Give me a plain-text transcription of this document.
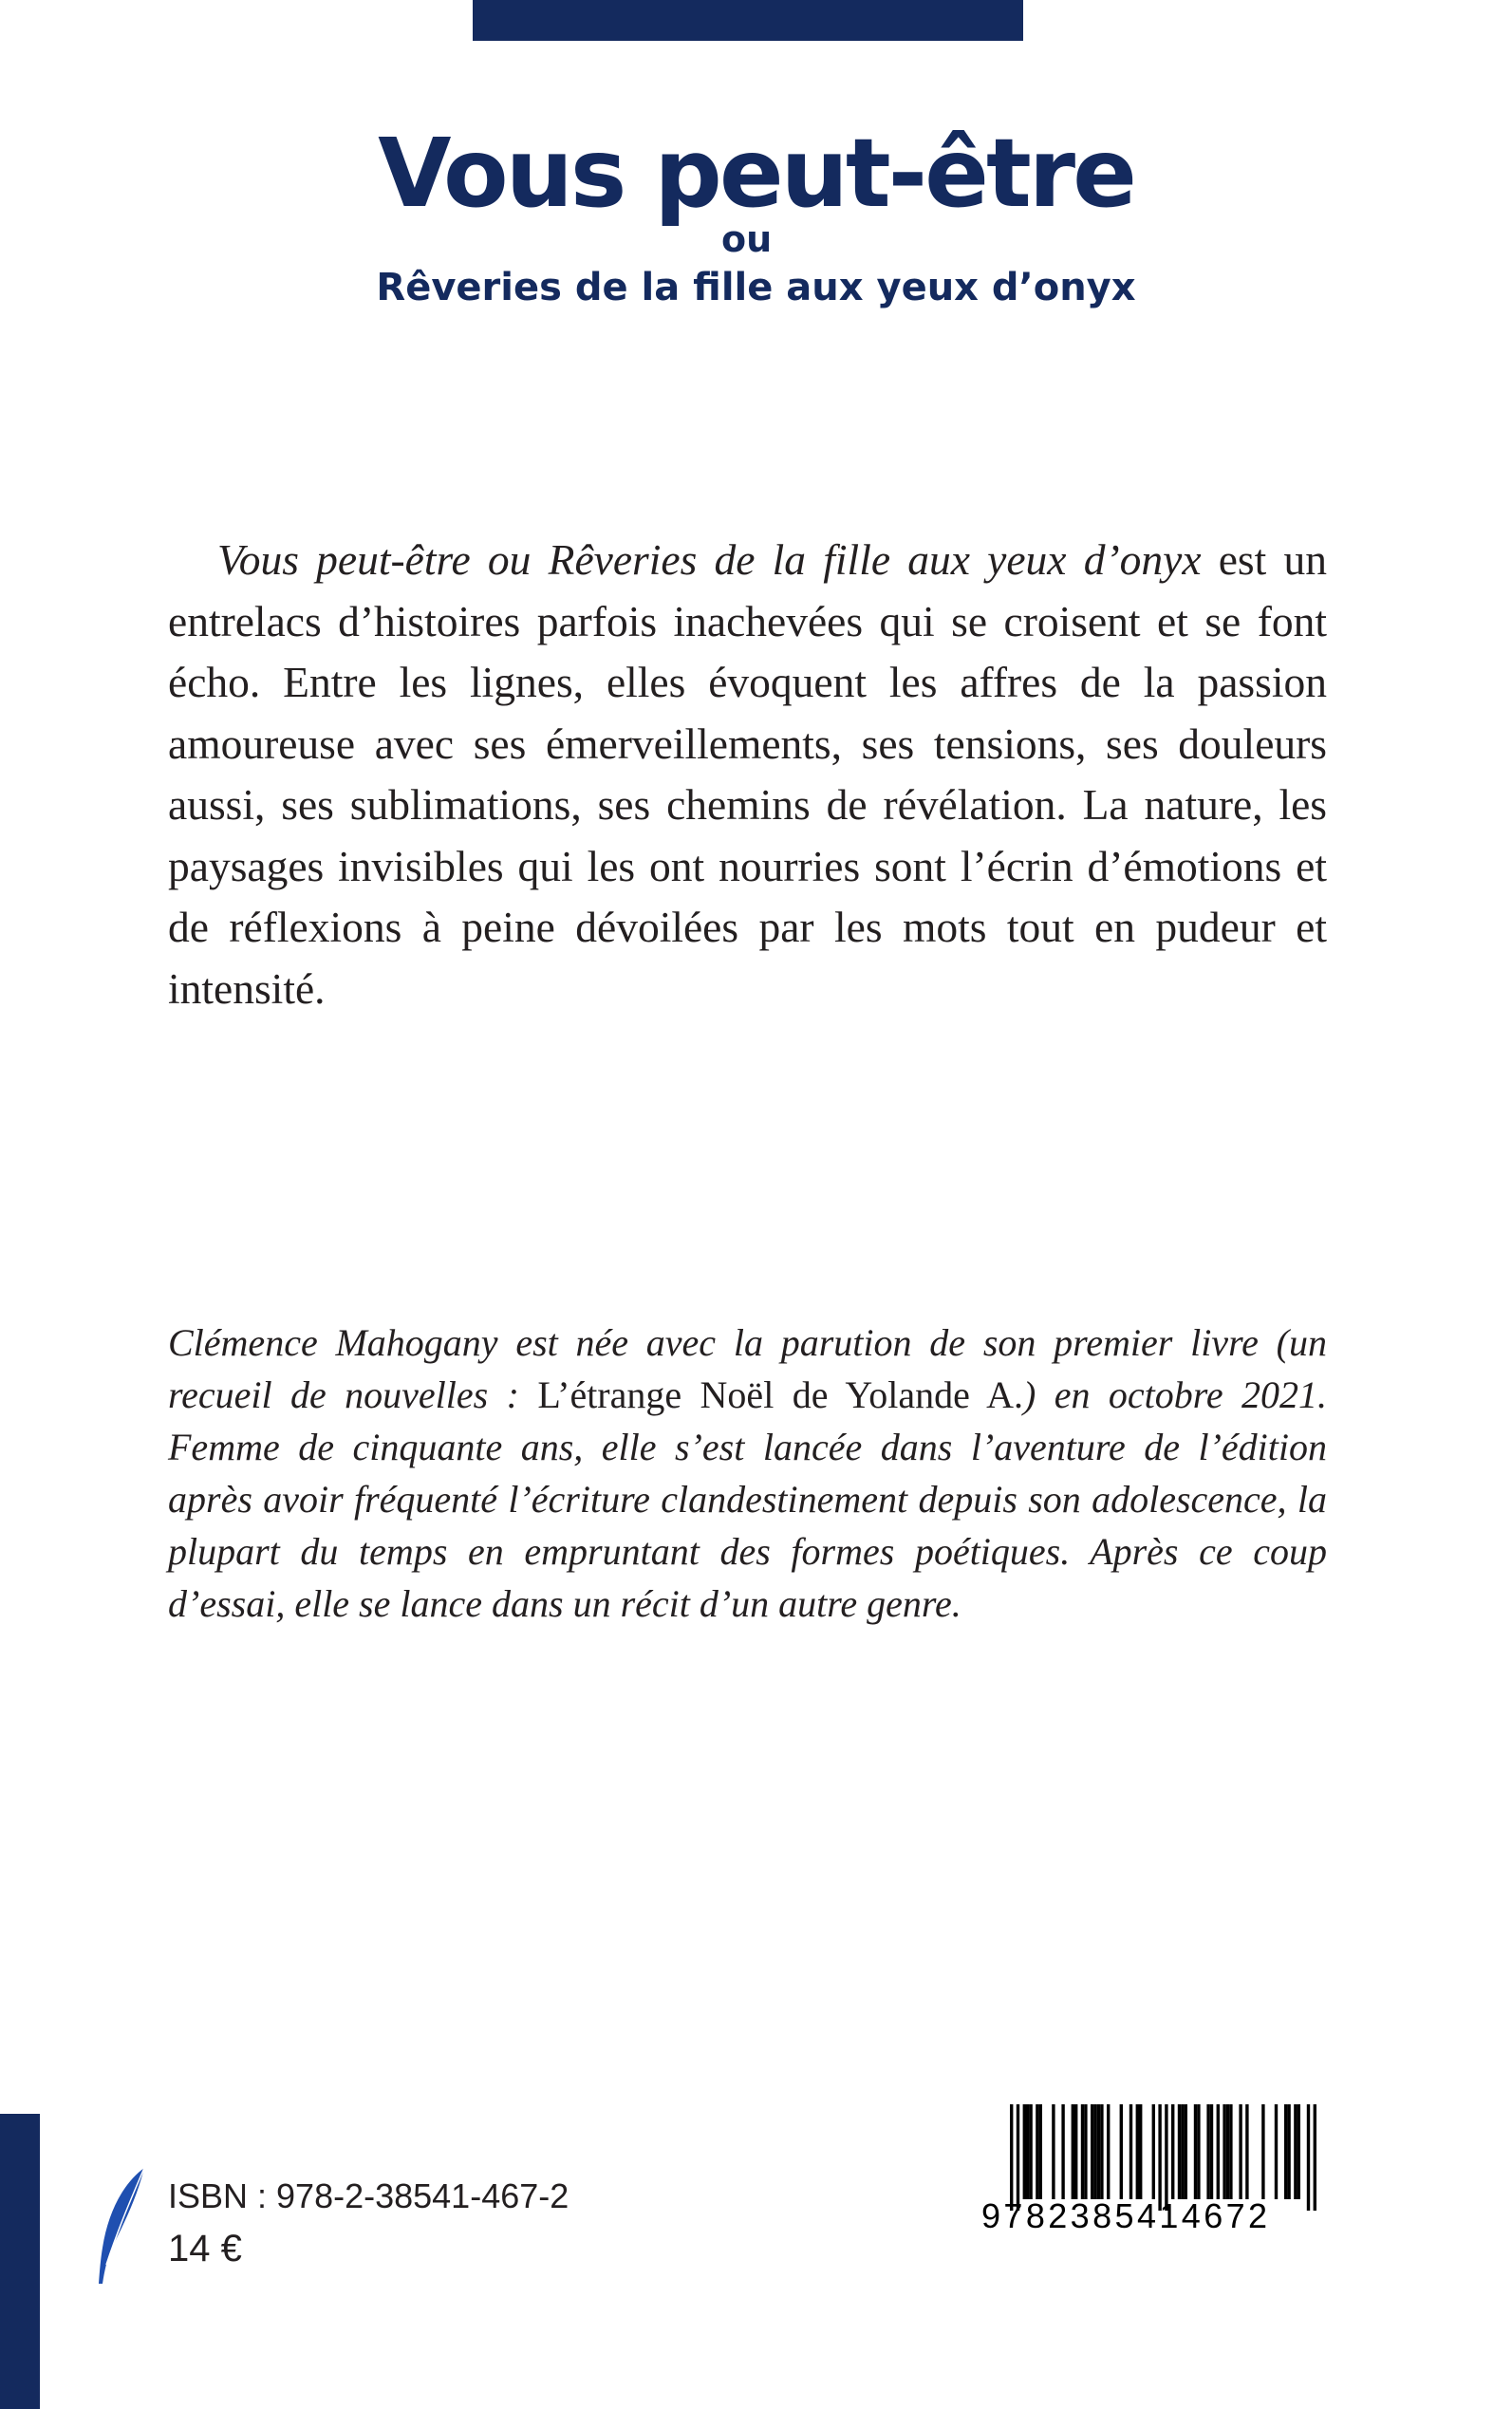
Vous peut-être
ou
Rêveries de la fille aux yeux d’onyx

Vous peut-être ou Rêveries de la fille aux yeux d’onyx est un entrelacs d’histoires parfois inachevées qui se croisent et se font écho. Entre les lignes, elles évoquent les affres de la passion amoureuse avec ses émerveillements, ses tensions, ses douleurs aussi, ses sublimations, ses chemins de révélation. La nature, les paysages invisibles qui les ont nourries sont l’écrin d’émotions et de réflexions à peine dévoilées par les mots tout en pudeur et intensité.

Clémence Mahogany est née avec la parution de son premier livre (un recueil de nouvelles : L’étrange Noël de Yolande A.) en octobre 2021. Femme de cinquante ans, elle s’est lancée dans l’aventure de l’édition après avoir fréquenté l’écriture clandestinement depuis son adolescence, la plupart du temps en empruntant des formes poétiques. Après ce coup d’essai, elle se lance dans un récit d’un autre genre.

ISBN : 978-2-38541-467-2
14 €
9782385414672
